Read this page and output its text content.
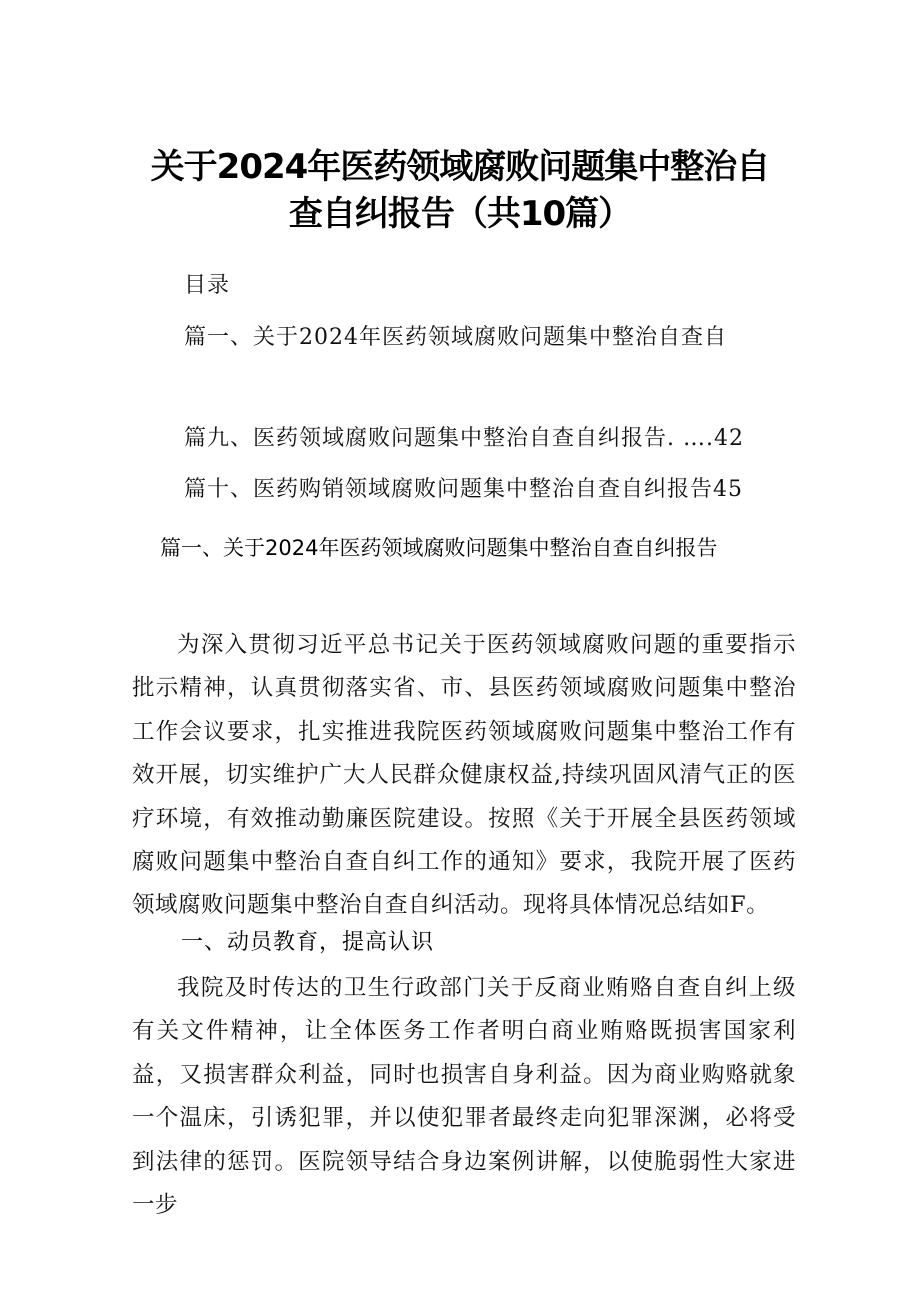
关于2024年医药领域腐败问题集中整治自
查自纠报告（共10篇）
目录
篇一、关于2024年医药领域腐败问题集中整治自查自
篇九、医药领域腐败问题集中整治自查自纠报告. ….42
篇十、医药购销领域腐败问题集中整治自查自纠报告45
篇一、关于2024年医药领域腐败问题集中整治自查自纠报告

为深入贯彻习近平总书记关于医药领域腐败问题的重要指示批示精神，认真贯彻落实省、市、县医药领域腐败问题集中整治工作会议要求，扎实推进我院医药领域腐败问题集中整治工作有效开展，切实维护广大人民群众健康权益,持续巩固风清气正的医疗环境，有效推动勤廉医院建设。按照《关于开展全县医药领域腐败问题集中整治自查自纠工作的通知》要求，我院开展了医药领域腐败问题集中整治自查自纠活动。现将具体情况总结如F。

一、动员教育，提高认识

我院及时传达的卫生行政部门关于反商业贿赂自查自纠上级有关文件精神，让全体医务工作者明白商业贿赂既损害国家利益，又损害群众利益，同时也损害自身利益。因为商业购赂就象一个温床，引诱犯罪，并以使犯罪者最终走向犯罪深渊，必将受到法律的惩罚。医院领导结合身边案例讲解，以使脆弱性大家进一步
